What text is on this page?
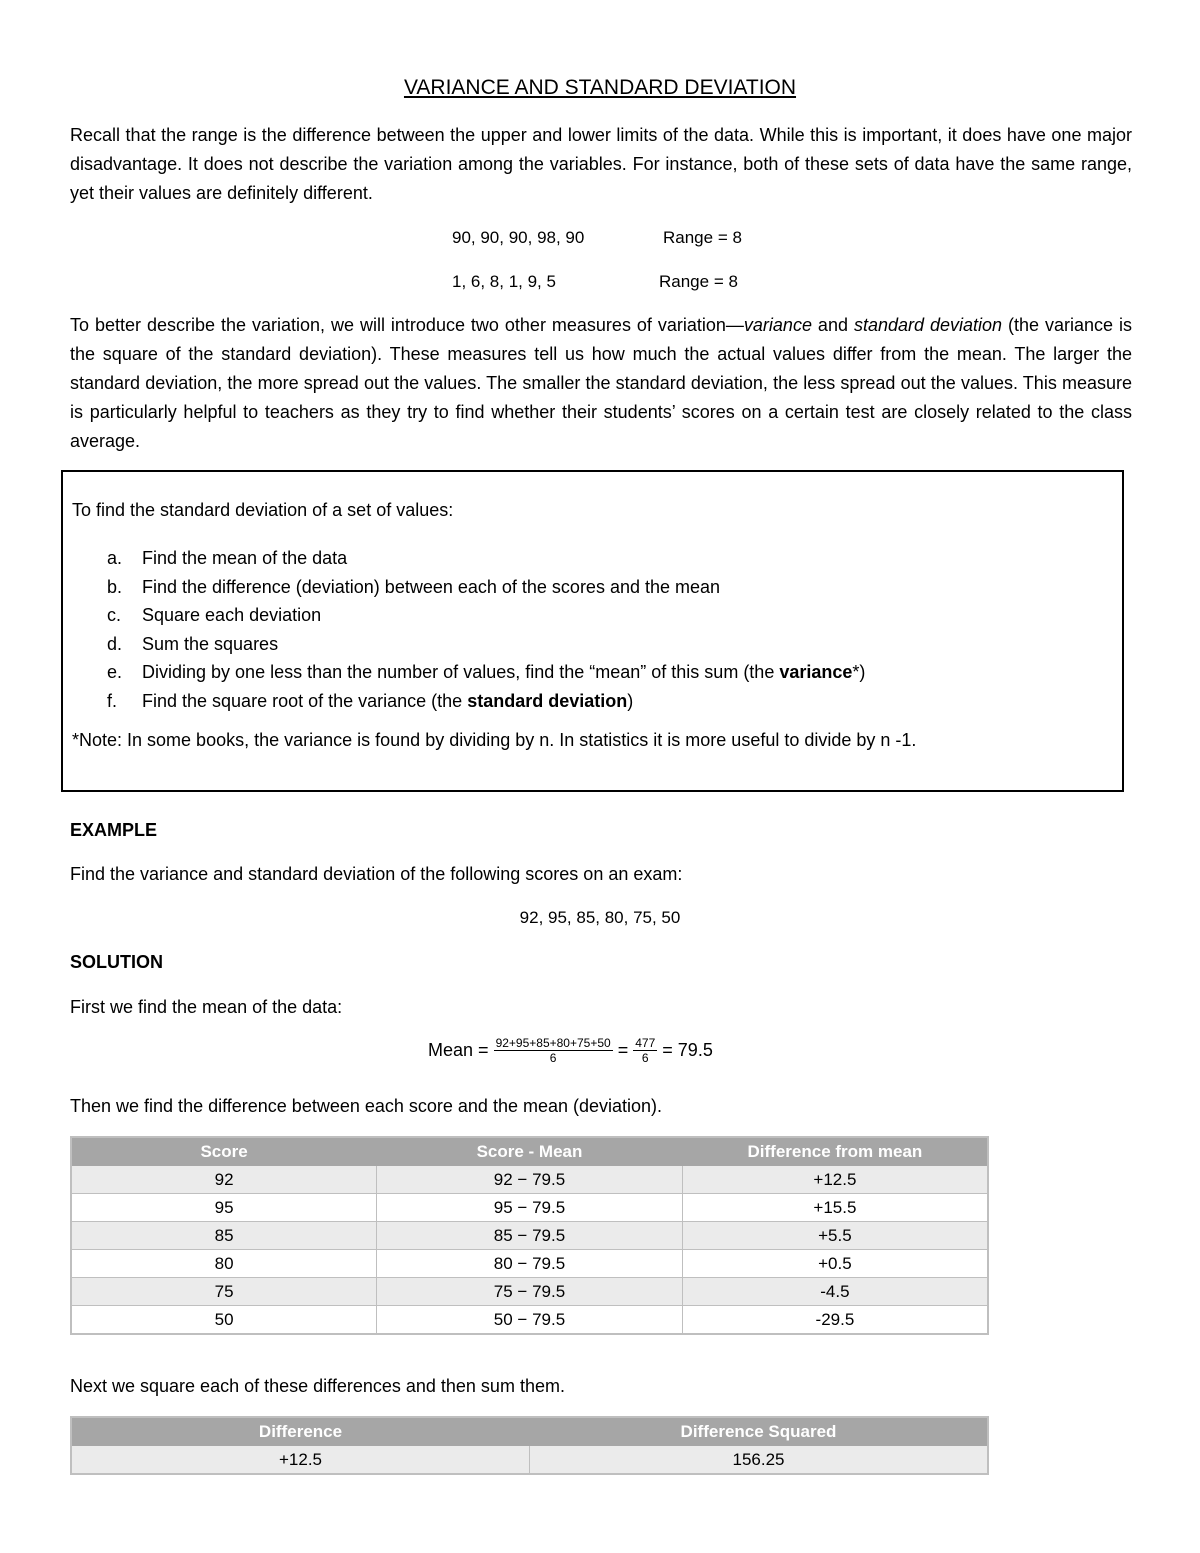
VARIANCE AND STANDARD DEVIATION
Recall that the range is the difference between the upper and lower limits of the data. While this is important, it does have one major disadvantage. It does not describe the variation among the variables. For instance, both of these sets of data have the same range, yet their values are definitely different.
90, 90, 90, 98, 90	Range = 8
1, 6, 8, 1, 9, 5	Range = 8
To better describe the variation, we will introduce two other measures of variation—variance and standard deviation (the variance is the square of the standard deviation). These measures tell us how much the actual values differ from the mean. The larger the standard deviation, the more spread out the values. The smaller the standard deviation, the less spread out the values. This measure is particularly helpful to teachers as they try to find whether their students’ scores on a certain test are closely related to the class average.
To find the standard deviation of a set of values:
a. Find the mean of the data
b. Find the difference (deviation) between each of the scores and the mean
c. Square each deviation
d. Sum the squares
e. Dividing by one less than the number of values, find the “mean” of this sum (the variance*)
f. Find the square root of the variance (the standard deviation)
*Note: In some books, the variance is found by dividing by n. In statistics it is more useful to divide by n -1.
EXAMPLE
Find the variance and standard deviation of the following scores on an exam:
92, 95, 85, 80, 75, 50
SOLUTION
First we find the mean of the data:
Mean = $\frac{92+95+85+80+75+50}{6} = \frac{477}{6} = 79.5$
Then we find the difference between each score and the mean (deviation).
Score	Score - Mean	Difference from mean
92	92 − 79.5	+12.5
95	95 − 79.5	+15.5
85	85 − 79.5	+5.5
80	80 − 79.5	+0.5
75	75 − 79.5	-4.5
50	50 − 79.5	-29.5
Next we square each of these differences and then sum them.
Difference	Difference Squared
+12.5	156.25
